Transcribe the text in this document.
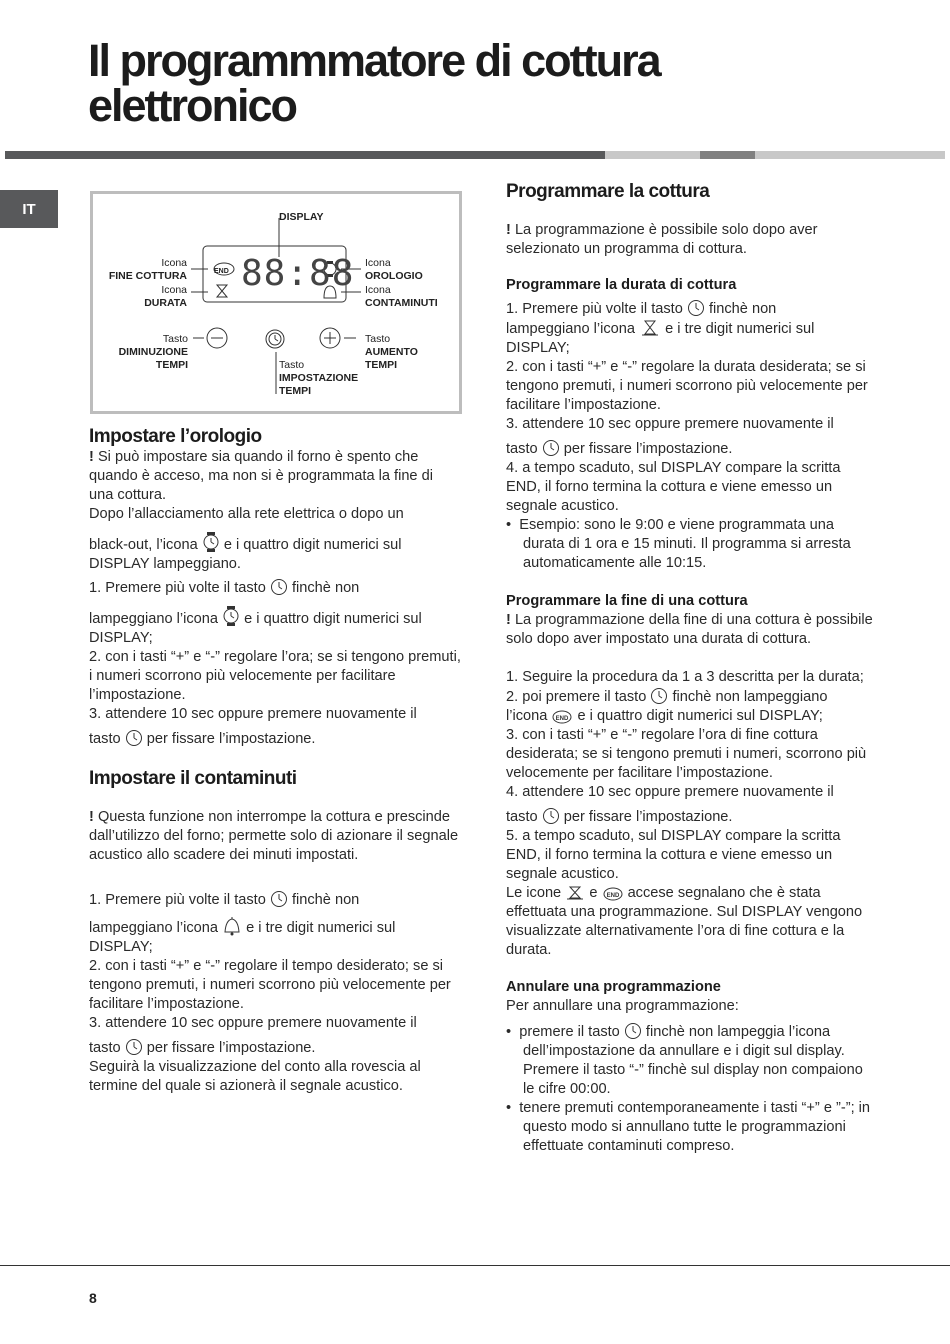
Il programmmatore di cottura elettronico
IT	DISPLAY
88:88
END
Icona
FINE COTTURA
Icona
DURATA
Icona
OROLOGIO
Icona
CONTAMINUTI
Tasto
DIMINUZIONE
TEMPI
Tasto
AUMENTO
TEMPI
Tasto
IMPOSTAZIONE
TEMPI
Impostare l’orologio

! Si può impostare sia quando il forno è spento che quando è acceso, ma non si è programmata la fine di una cottura.

Dopo l’allacciamento alla rete elettrica o dopo un

black-out, l’icona e i quattro digit numerici sul DISPLAY lampeggiano.

1. Premere più volte il tasto finchè non

lampeggiano l’icona e i quattro digit numerici sul DISPLAY;

2. con i tasti “+” e “-” regolare l’ora; se si tengono premuti, i numeri scorrono più velocemente per facilitare l’impostazione.

3. attendere 10 sec oppure premere nuovamente il

tasto per fissare l’impostazione.

Impostare il contaminuti

! Questa funzione non interrompe la cottura e prescinde dall’utilizzo del forno; permette solo di azionare il segnale acustico allo scadere dei minuti impostati.

1. Premere più volte il tasto finchè non

lampeggiano l’icona e i tre digit numerici sul DISPLAY;

2. con i tasti “+” e “-” regolare il tempo desiderato; se si tengono premuti, i numeri scorrono più velocemente per facilitare l’impostazione.

3. attendere 10 sec oppure premere nuovamente il

tasto per fissare l’impostazione.

Seguirà la visualizzazione del conto alla rovescia al termine del quale si azionerà il segnale acustico.

Programmare la cottura

! La programmazione è possibile solo dopo aver selezionato un programma di cottura.

Programmare la durata di cottura

1. Premere più volte il tasto finchè non

lampeggiano l’icona e i tre digit numerici sul DISPLAY;

2. con i tasti “+” e “-” regolare la durata desiderata; se si tengono premuti, i numeri scorrono più velocemente per facilitare l’impostazione.

3. attendere 10 sec oppure premere nuovamente il

tasto per fissare l’impostazione.

4. a tempo scaduto, sul DISPLAY compare la scritta END, il forno termina la cottura e viene emesso un segnale acustico.

• Esempio: sono le 9:00 e viene programmata una durata di 1 ora e 15 minuti. Il programma si arresta automaticamente alle 10:15.

Programmare la fine di una cottura

! La programmazione della fine di una cottura è possibile solo dopo aver impostato una durata di cottura.

1. Seguire la procedura da 1 a 3 descritta per la durata;

2. poi premere il tasto finchè non lampeggiano

l’icona END e i quattro digit numerici sul DISPLAY;

3. con i tasti “+” e “-” regolare l’ora di fine cottura desiderata; se si tengono premuti i numeri, scorrono più velocemente per facilitare l’impostazione.

4. attendere 10 sec oppure premere nuovamente il

tasto per fissare l’impostazione.

5. a tempo scaduto, sul DISPLAY compare la scritta END, il forno termina la cottura e viene emesso un segnale acustico.

Le icone e END accese segnalano che è stata effettuata una programmazione. Sul DISPLAY vengono visualizzate alternativamente l’ora di fine cottura e la durata.

Annulare una programmazione

Per annullare una programmazione:

• premere il tasto finchè non lampeggia l’icona dell’impostazione da annullare e i digit sul display. Premere il tasto “-” finchè sul display non compaiono le cifre 00:00.

• tenere premuti contemporaneamente i tasti “+” e ”-”; in questo modo si annullano tutte le programmazioni effettuate contaminuti compreso.

8
